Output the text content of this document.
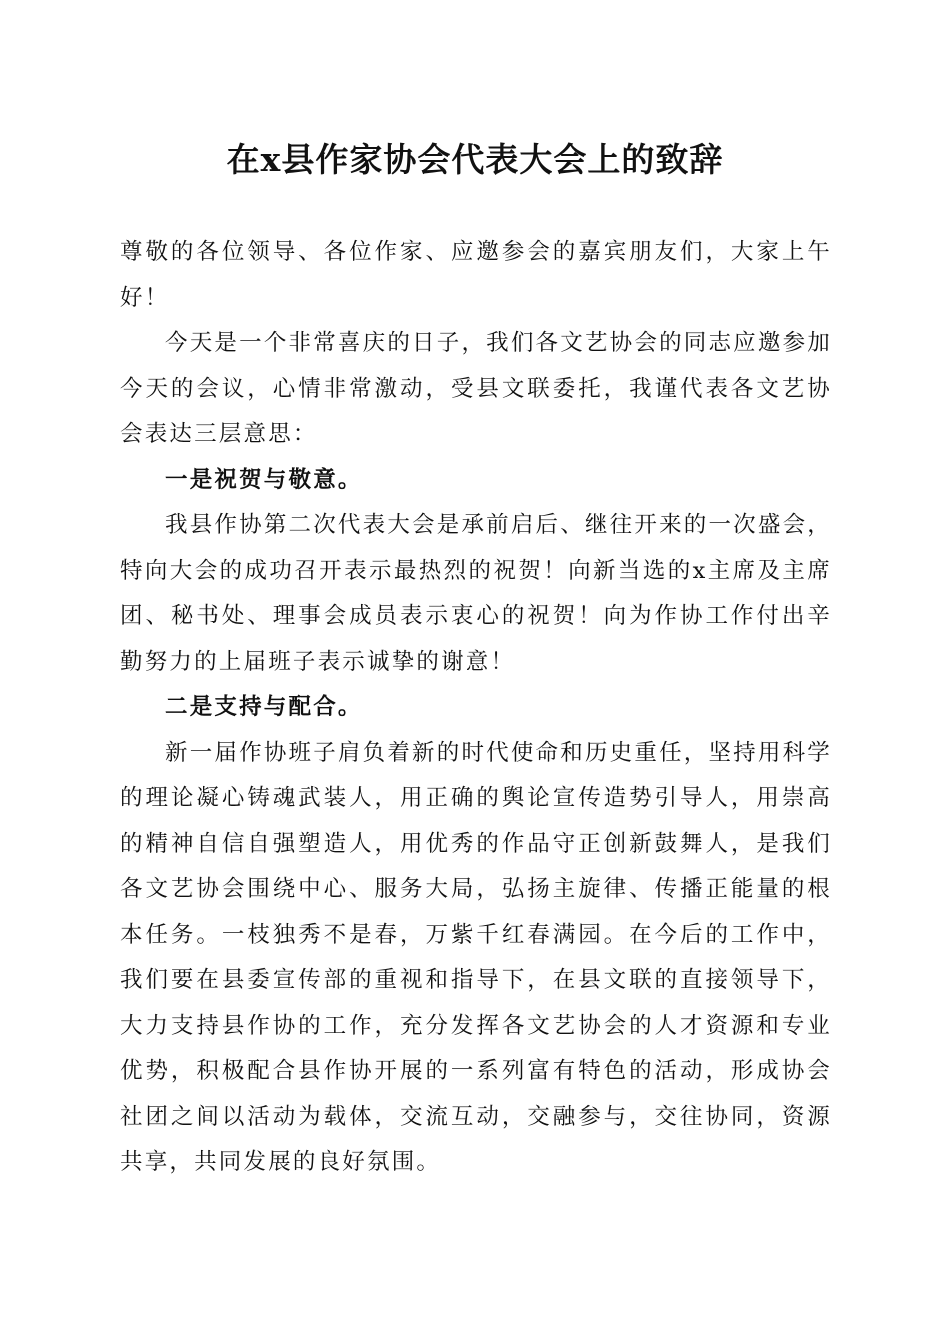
在x县作家协会代表大会上的致辞

尊敬的各位领导、各位作家、应邀参会的嘉宾朋友们，大家上午好！

今天是一个非常喜庆的日子，我们各文艺协会的同志应邀参加今天的会议，心情非常激动，受县文联委托，我谨代表各文艺协会表达三层意思：

一是祝贺与敬意。

我县作协第二次代表大会是承前启后、继往开来的一次盛会，特向大会的成功召开表示最热烈的祝贺！向新当选的x主席及主席团、秘书处、理事会成员表示衷心的祝贺！向为作协工作付出辛勤努力的上届班子表示诚挚的谢意！

二是支持与配合。

新一届作协班子肩负着新的时代使命和历史重任，坚持用科学的理论凝心铸魂武装人，用正确的舆论宣传造势引导人，用崇高的精神自信自强塑造人，用优秀的作品守正创新鼓舞人，是我们各文艺协会围绕中心、服务大局，弘扬主旋律、传播正能量的根本任务。一枝独秀不是春，万紫千红春满园。在今后的工作中，我们要在县委宣传部的重视和指导下，在县文联的直接领导下，大力支持县作协的工作，充分发挥各文艺协会的人才资源和专业优势，积极配合县作协开展的一系列富有特色的活动，形成协会社团之间以活动为载体，交流互动，交融参与，交往协同，资源共享，共同发展的良好氛围。
